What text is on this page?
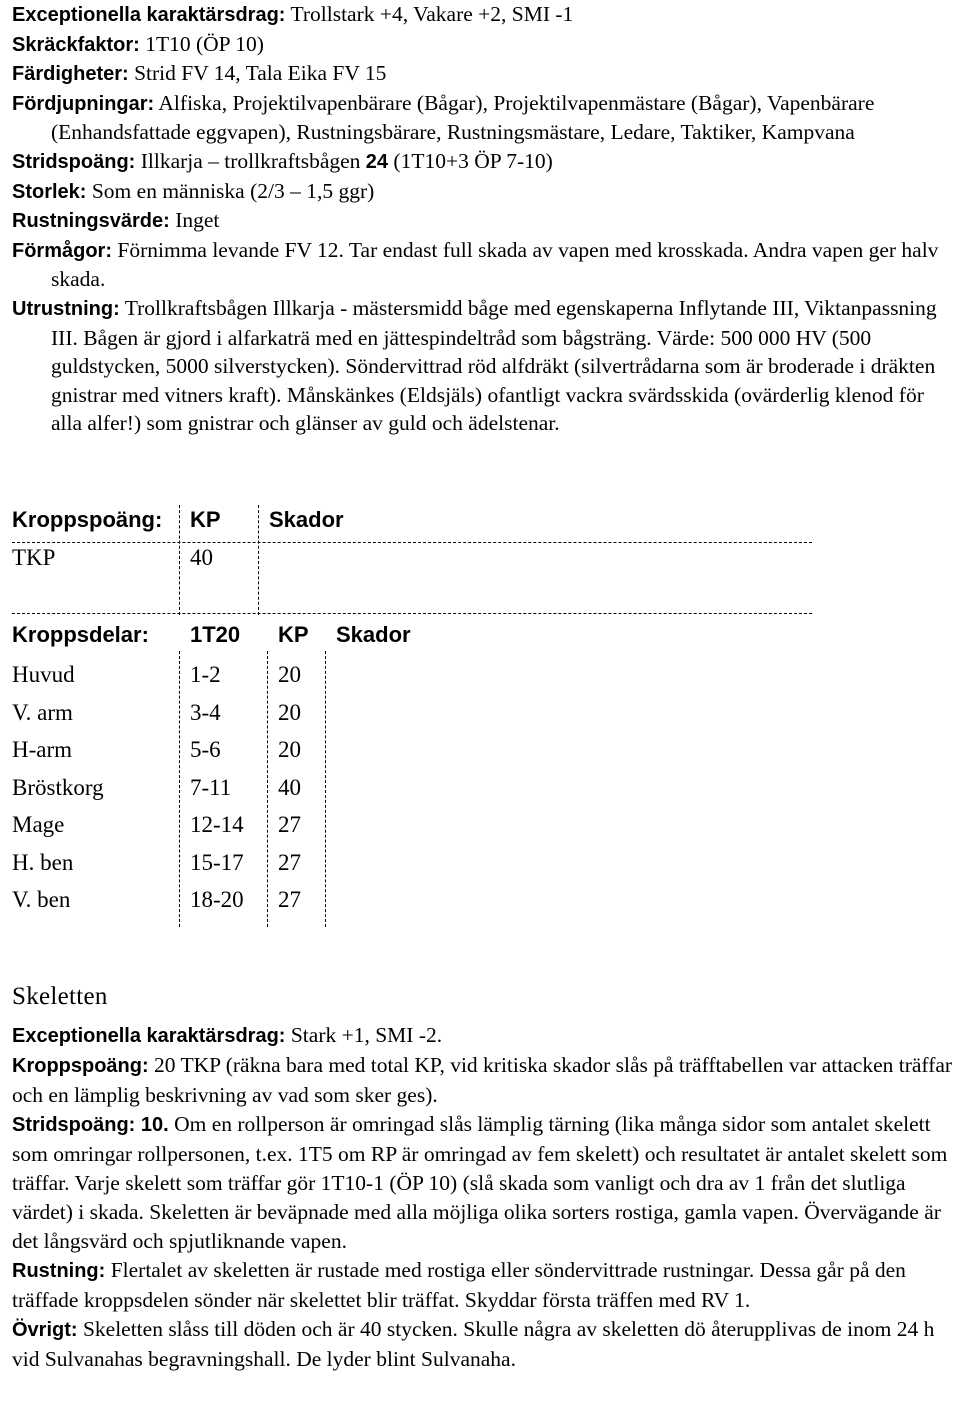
Exceptionella karaktärsdrag: Trollstark +4, Vakare +2, SMI -1

Skräckfaktor: 1T10 (ÖP 10)

Färdigheter: Strid FV 14, Tala Eika FV 15

Fördjupningar: Alfiska, Projektilvapenbärare (Bågar), Projektilvapenmästare (Bågar), Vapenbärare (Enhandsfattade eggvapen), Rustningsbärare, Rustningsmästare, Ledare, Taktiker, Kampvana

Stridspoäng: Illkarja – trollkraftsbågen 24 (1T10+3 ÖP 7-10)

Storlek: Som en människa (2/3 – 1,5 ggr)

Rustningsvärde: Inget

Förmågor: Förnimma levande FV 12. Tar endast full skada av vapen med krosskada. Andra vapen ger halv skada.

Utrustning: Trollkraftsbågen Illkarja - mästersmidd båge med egenskaperna Inflytande III, Viktanpassning III. Bågen är gjord i alfarkaträ med en jättespindeltråd som bågsträng. Värde: 500 000 HV (500 guldstycken, 5000 silverstycken). Söndervittrad röd alfdräkt (silvertrådarna som är broderade i dräkten gnistrar med vitners kraft). Månskänkes (Eldsjäls) ofantligt vackra svärdsskida (ovärderlig klenod för alla alfer!) som gnistrar och glänser av guld och ädelstenar.

Kroppspoäng: KP Skador
TKP	40
Kroppsdelar: 1T20 KP Skador
Huvud	1-2 20
V. arm	3-4 20
H-arm	5-6 20
Bröstkorg	7-11 40
Mage	12-14 27
H. ben	15-17 27
V. ben	18-20 27
Skeletten

Exceptionella karaktärsdrag: Stark +1, SMI -2.

Kroppspoäng: 20 TKP (räkna bara med total KP, vid kritiska skador slås på träfftabellen var attacken träffar och en lämplig beskrivning av vad som sker ges).

Stridspoäng: 10. Om en rollperson är omringad slås lämplig tärning (lika många sidor som antalet skelett som omringar rollpersonen, t.ex. 1T5 om RP är omringad av fem skelett) och resultatet är antalet skelett som träffar. Varje skelett som träffar gör 1T10-1 (ÖP 10) (slå skada som vanligt och dra av 1 från det slutliga värdet) i skada. Skeletten är beväpnade med alla möjliga olika sorters rostiga, gamla vapen. Övervägande är det långsvärd och spjutliknande vapen.

Rustning: Flertalet av skeletten är rustade med rostiga eller söndervittrade rustningar. Dessa går på den träffade kroppsdelen sönder när skelettet blir träffat. Skyddar första träffen med RV 1.

Övrigt: Skeletten slåss till döden och är 40 stycken. Skulle några av skeletten dö återupplivas de inom 24 h vid Sulvanahas begravningshall. De lyder blint Sulvanaha.
